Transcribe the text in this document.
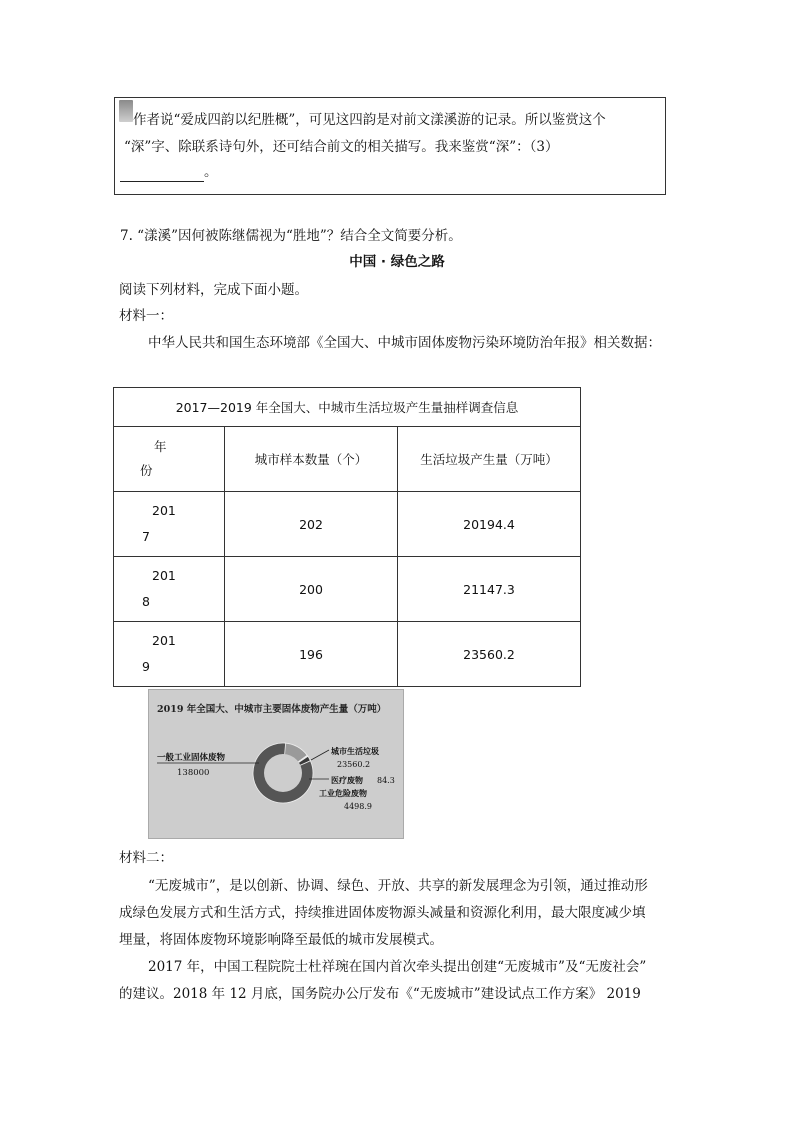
作者说“爱成四韵以纪胜概”，可见这四韵是对前文漾溪游的记录。所以鉴赏这个
“深”字、除联系诗句外，还可结合前文的相关描写。我来鉴赏“深”：（3）
。
7. “漾溪”因何被陈继儒视为“胜地”？结合全文简要分析。
中国 · 绿色之路
阅读下列材料，完成下面小题。
材料一：
中华人民共和国生态环境部《全国大、中城市固体废物污染环境防治年报》相关数据：
2017—2019 年全国大、中城市生活垃圾产生量抽样调查信息		
年
份	城市样本数量（个）	生活垃圾产生量（万吨）
201
7	202	20194.4
201
8	200	21147.3
201
9	196	23560.2
2019 年全国大、中城市主要固体废物产生量（万吨）
一般工业固体废物
138000
城市生活垃圾
23560.2
医疗废物 84.3
工业危险废物
4498.9
材料二：
“无废城市”，是以创新、协调、绿色、开放、共享的新发展理念为引领，通过推动形
成绿色发展方式和生活方式，持续推进固体废物源头减量和资源化利用，最大限度减少填
埋量，将固体废物环境影响降至最低的城市发展模式。
2017 年，中国工程院院士杜祥琬在国内首次牵头提出创建“无废城市”及“无废社会”
的建议。2018 年 12 月底，国务院办公厅发布《“无废城市”建设试点工作方案》 2019
